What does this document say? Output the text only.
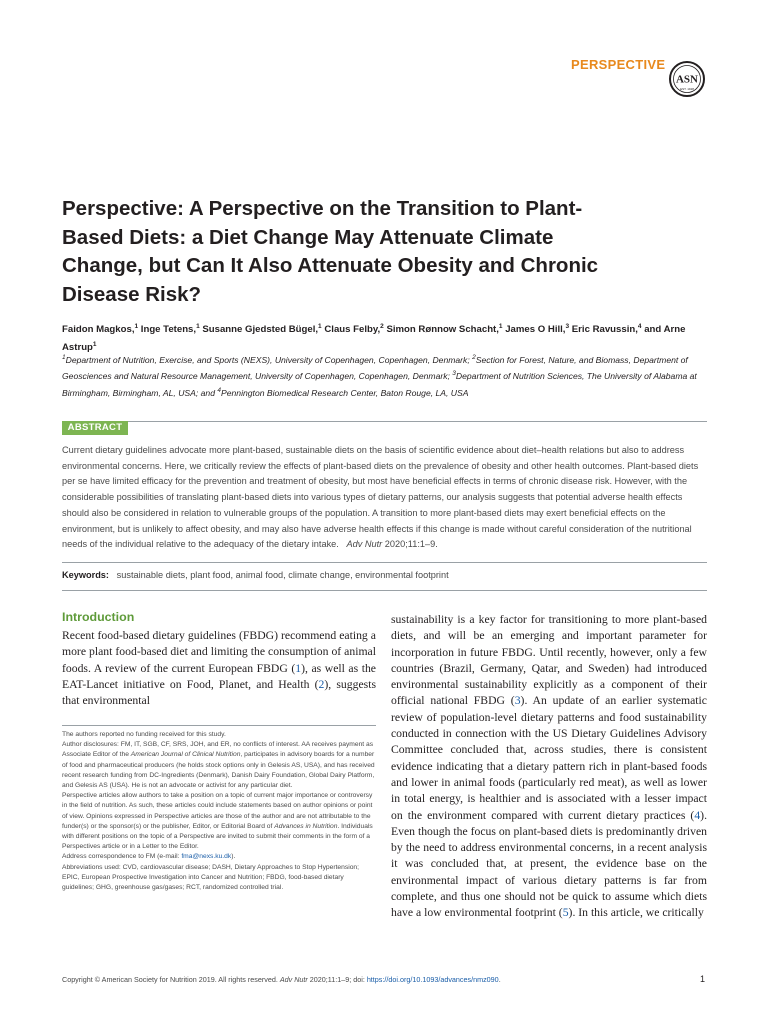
PERSPECTIVE
ASN
EST. 1928
Perspective: A Perspective on the Transition to Plant-Based Diets: a Diet Change May Attenuate Climate Change, but Can It Also Attenuate Obesity and Chronic Disease Risk?
Faidon Magkos,$^1$ Inge Tetens,$^1$ Susanne Gjedsted Bügel,$^1$ Claus Felby,$^2$ Simon Rønnow Schacht,$^1$ James O Hill,$^3$ Eric Ravussin,$^4$ and Arne Astrup$^1$
$^1$Department of Nutrition, Exercise, and Sports (NEXS), University of Copenhagen, Copenhagen, Denmark; $^2$Section for Forest, Nature, and Biomass, Department of Geosciences and Natural Resource Management, University of Copenhagen, Copenhagen, Denmark; $^3$Department of Nutrition Sciences, The University of Alabama at Birmingham, Birmingham, AL, USA; and $^4$Pennington Biomedical Research Center, Baton Rouge, LA, USA
ABSTRACT
Current dietary guidelines advocate more plant-based, sustainable diets on the basis of scientific evidence about diet–health relations but also to address environmental concerns. Here, we critically review the effects of plant-based diets on the prevalence of obesity and other health outcomes. Plant-based diets per se have limited efficacy for the prevention and treatment of obesity, but most have beneficial effects in terms of chronic disease risk. However, with the considerable possibilities of translating plant-based diets into various types of dietary patterns, our analysis suggests that potential adverse health effects should also be considered in relation to vulnerable groups of the population. A transition to more plant-based diets may exert beneficial effects on the environment, but is unlikely to affect obesity, and may also have adverse health effects if this change is made without careful consideration of the nutritional needs of the individual relative to the adequacy of the dietary intake. Adv Nutr 2020;11:1–9.
Keywords: sustainable diets, plant food, animal food, climate change, environmental footprint
Introduction
Recent food-based dietary guidelines (FBDG) recommend eating a more plant food-based diet and limiting the consumption of animal foods. A review of the current European FBDG (1), as well as the EAT-Lancet initiative on Food, Planet, and Health (2), suggests that environmental
sustainability is a key factor for transitioning to more plant-based diets, and will be an emerging and important parameter for incorporation in future FBDG. Until recently, however, only a few countries (Brazil, Germany, Qatar, and Sweden) had introduced environmental sustainability explicitly as a component of their official national FBDG (3). An update of an earlier systematic review of population-level dietary patterns and food sustainability conducted in connection with the US Dietary Guidelines Advisory Committee concluded that, across studies, there is consistent evidence indicating that a dietary pattern rich in plant-based foods and lower in animal foods (particularly red meat), as well as lower in total energy, is healthier and is associated with a lesser impact on the environment compared with current dietary practices (4). Even though the focus on plant-based diets is predominantly driven by the need to address environmental concerns, in a recent analysis it was concluded that, at present, the evidence base on the environmental impact of various dietary patterns is far from complete, and thus one should not be quick to assume which diets have a low environmental footprint (5). In this article, we critically

The authors reported no funding received for this study.

Author disclosures: FM, IT, SGB, CF, SRS, JOH, and ER, no conflicts of interest. AA receives payment as Associate Editor of the American Journal of Clinical Nutrition, participates in advisory boards for a number of food and pharmaceutical producers (he holds stock options only in Gelesis AS, USA), and has received recent research funding from DC-Ingredients (Denmark), Danish Dairy Foundation, Global Dairy Platform, and Gelesis AS (USA). He is not an advocate or activist for any particular diet.

Perspective articles allow authors to take a position on a topic of current major importance or controversy in the field of nutrition. As such, these articles could include statements based on author opinions or point of view. Opinions expressed in Perspective articles are those of the author and are not attributable to the funder(s) or the sponsor(s) or the publisher, Editor, or Editorial Board of Advances in Nutrition. Individuals with different positions on the topic of a Perspective are invited to submit their comments in the form of a Perspectives article or in a Letter to the Editor.

Address correspondence to FM (e-mail: fma@nexs.ku.dk).

Abbreviations used: CVD, cardiovascular disease; DASH, Dietary Approaches to Stop Hypertension; EPIC, European Prospective Investigation into Cancer and Nutrition; FBDG, food-based dietary guidelines; GHG, greenhouse gas/gases; RCT, randomized controlled trial.

Copyright © American Society for Nutrition 2019. All rights reserved. Adv Nutr 2020;11:1–9; doi: https://doi.org/10.1093/advances/nmz090.	1
